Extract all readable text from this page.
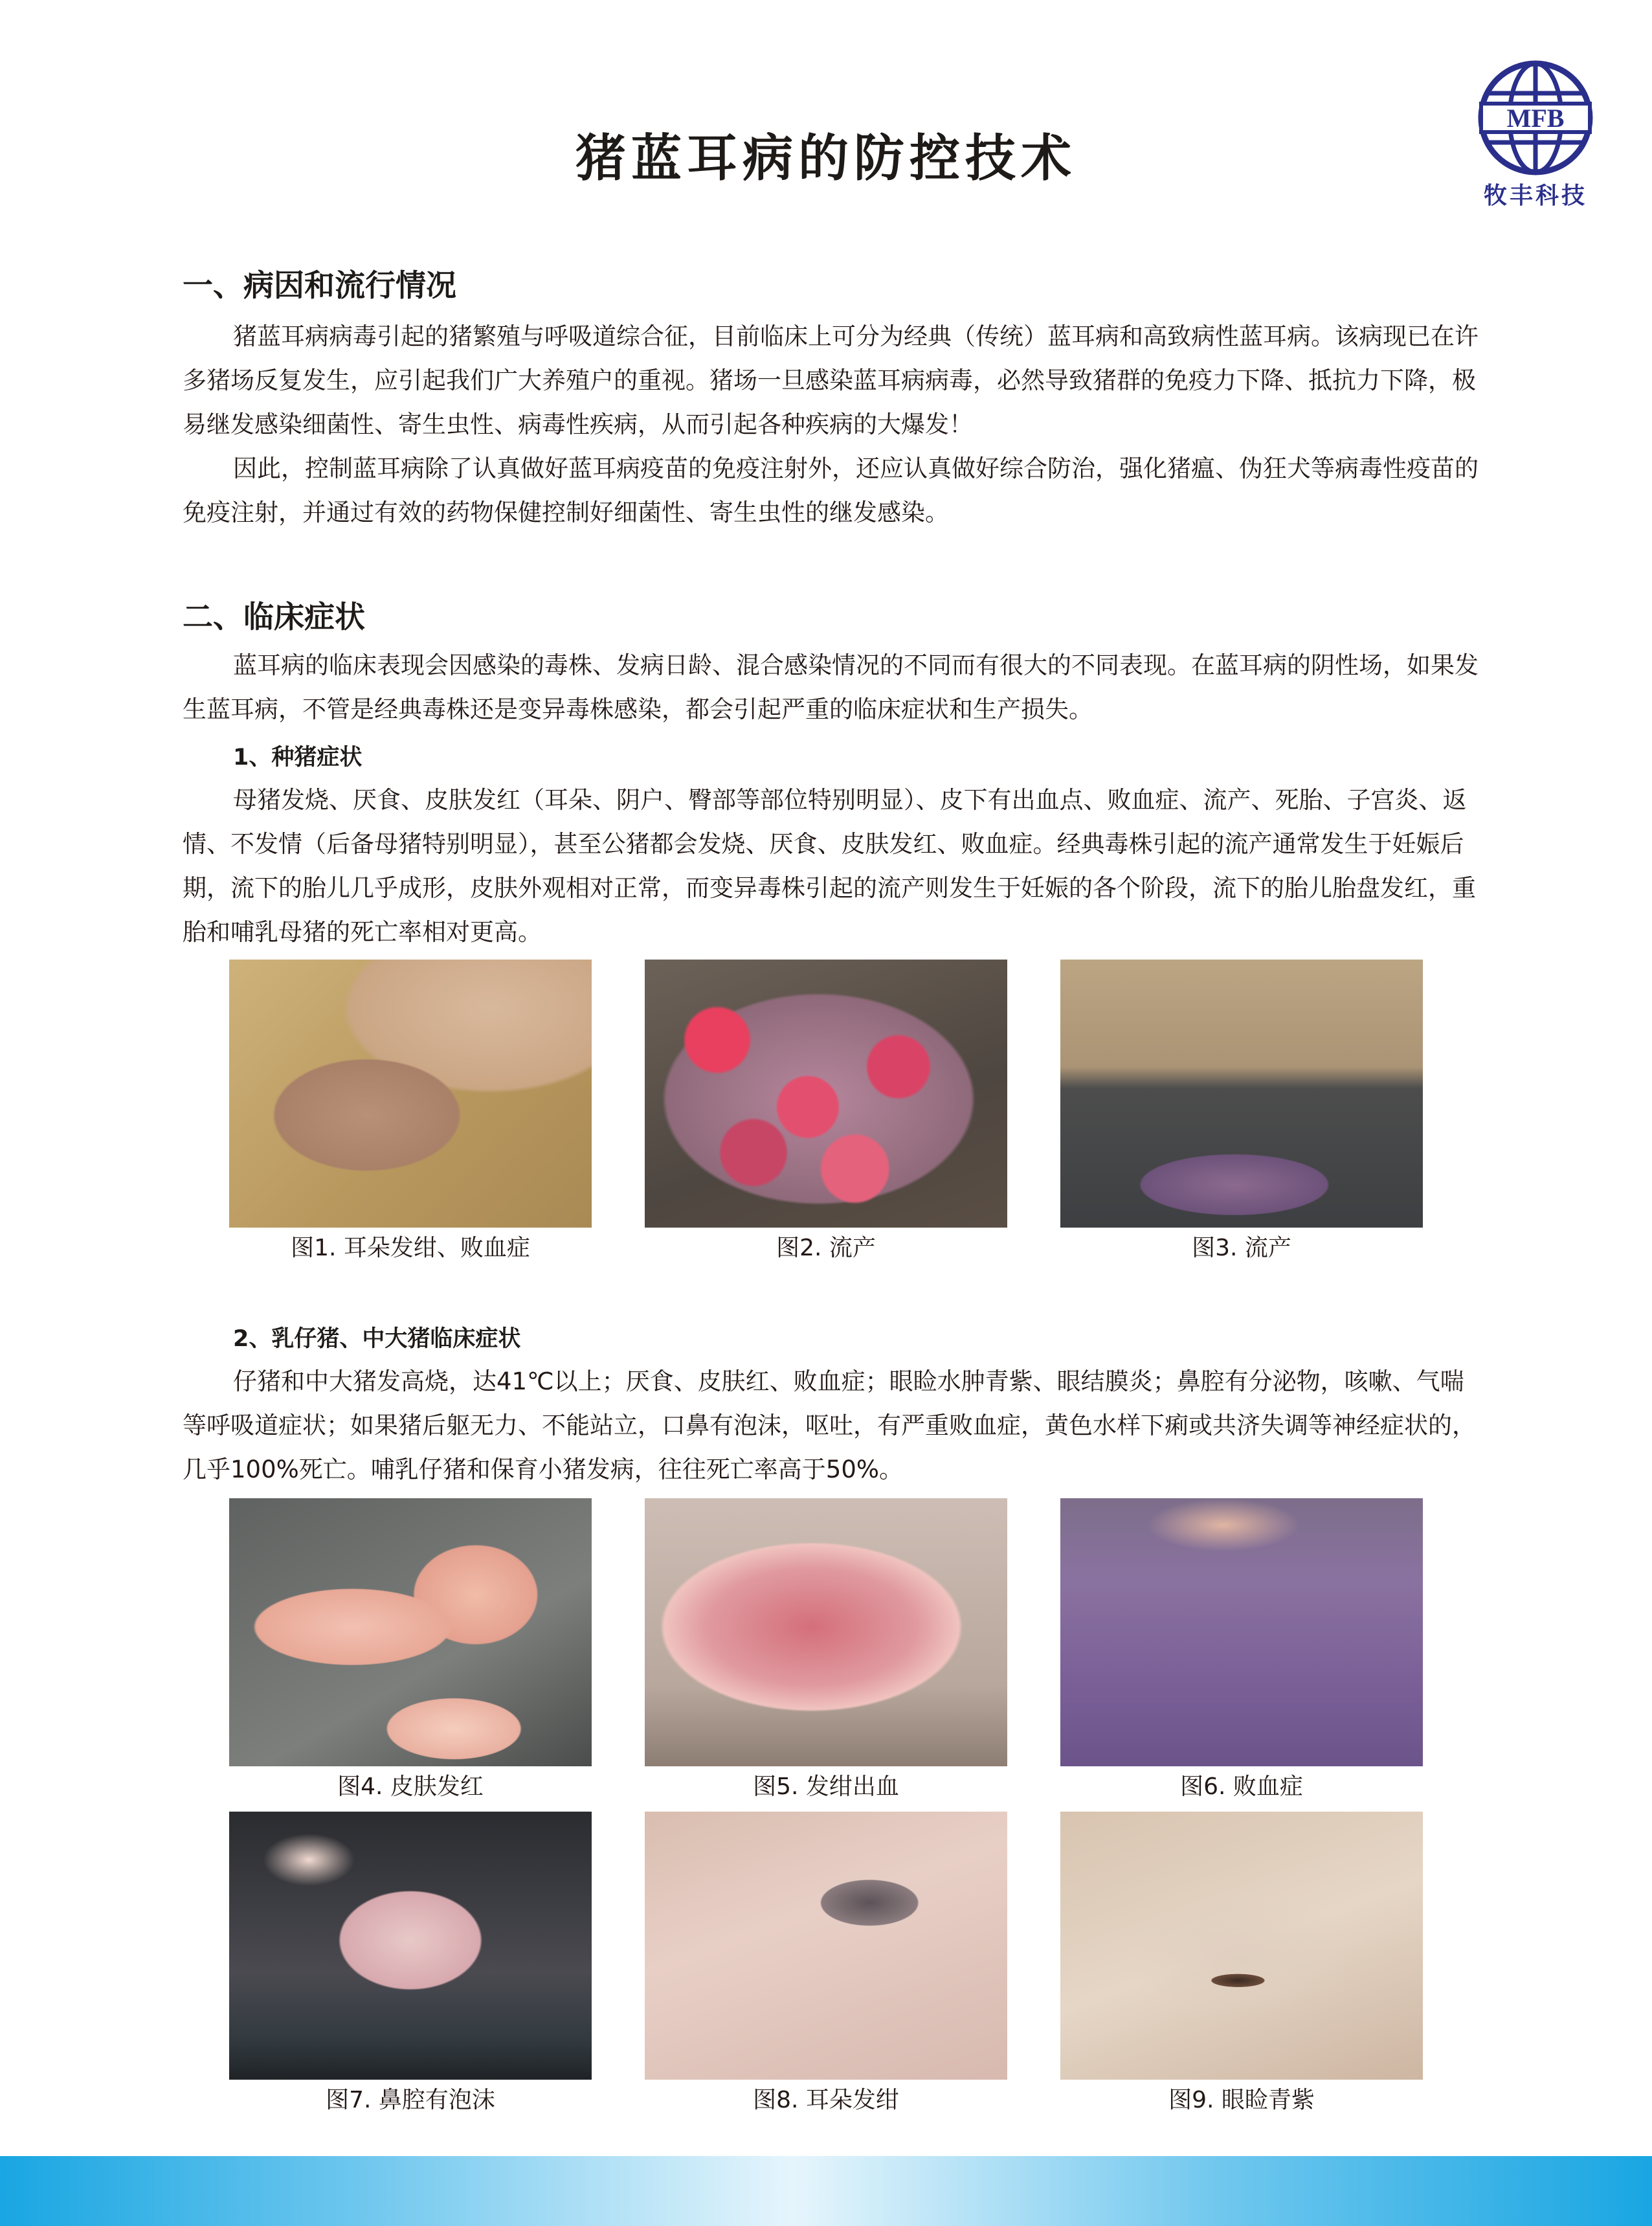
猪蓝耳病的防控技术
MFB
牧丰科技
一、病因和流行情况

猪蓝耳病病毒引起的猪繁殖与呼吸道综合征，目前临床上可分为经典（传统）蓝耳病和高致病性蓝耳病。该病现已在许多猪场反复发生，应引起我们广大养殖户的重视。猪场一旦感染蓝耳病病毒，必然导致猪群的免疫力下降、抵抗力下降，极易继发感染细菌性、寄生虫性、病毒性疾病，从而引起各种疾病的大爆发！

因此，控制蓝耳病除了认真做好蓝耳病疫苗的免疫注射外，还应认真做好综合防治，强化猪瘟、伪狂犬等病毒性疫苗的免疫注射，并通过有效的药物保健控制好细菌性、寄生虫性的继发感染。

二、临床症状

蓝耳病的临床表现会因感染的毒株、发病日龄、混合感染情况的不同而有很大的不同表现。在蓝耳病的阴性场，如果发生蓝耳病，不管是经典毒株还是变异毒株感染，都会引起严重的临床症状和生产损失。

1、种猪症状

母猪发烧、厌食、皮肤发红（耳朵、阴户、臀部等部位特别明显）、皮下有出血点、败血症、流产、死胎、子宫炎、返情、不发情（后备母猪特别明显），甚至公猪都会发烧、厌食、皮肤发红、败血症。经典毒株引起的流产通常发生于妊娠后期，流下的胎儿几乎成形，皮肤外观相对正常，而变异毒株引起的流产则发生于妊娠的各个阶段，流下的胎儿胎盘发红，重胎和哺乳母猪的死亡率相对更高。

图1. 耳朵发绀、败血症	图2. 流产	图3. 流产
2、乳仔猪、中大猪临床症状

仔猪和中大猪发高烧，达41℃以上；厌食、皮肤红、败血症；眼睑水肿青紫、眼结膜炎；鼻腔有分泌物，咳嗽、气喘等呼吸道症状；如果猪后躯无力、不能站立，口鼻有泡沫，呕吐，有严重败血症，黄色水样下痢或共济失调等神经症状的，几乎100%死亡。哺乳仔猪和保育小猪发病，往往死亡率高于50%。

图4. 皮肤发红	图5. 发绀出血	图6. 败血症
图7. 鼻腔有泡沫	图8. 耳朵发绀	图9. 眼睑青紫
